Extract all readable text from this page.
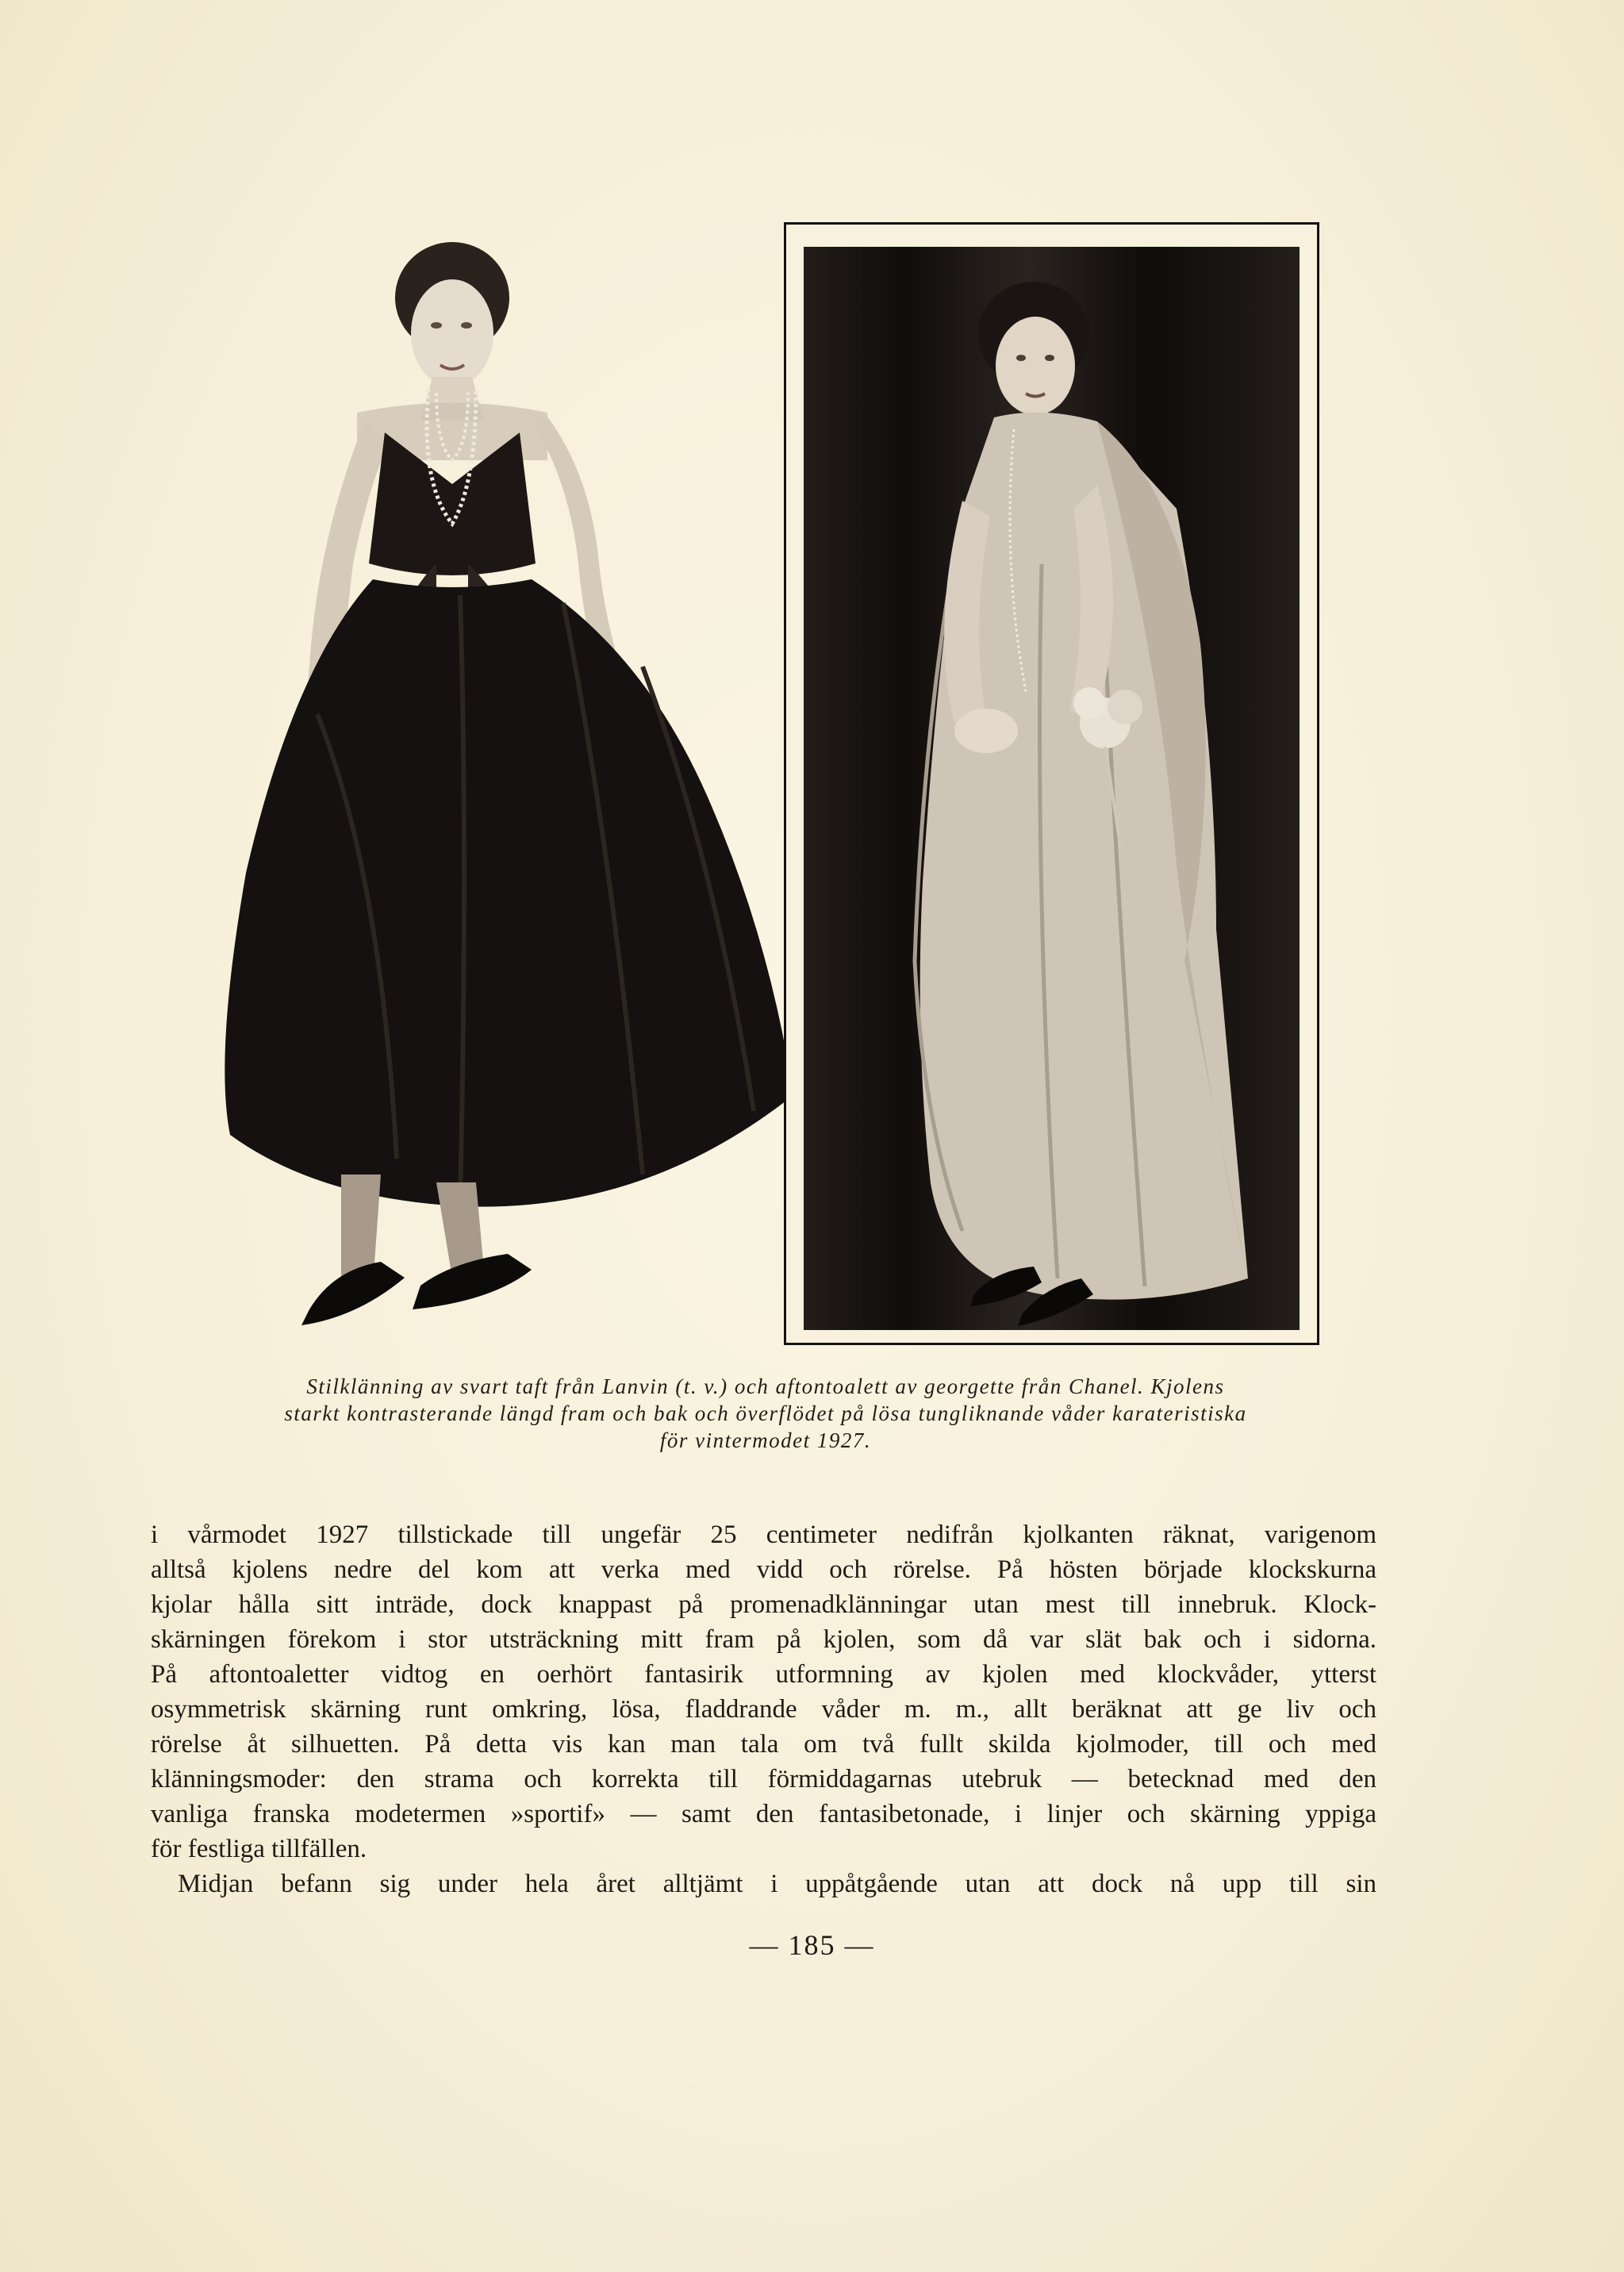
Stilklänning av svart taft från Lanvin (t. v.) och aftontoalett av georgette från Chanel. Kjolens

starkt kontrasterande längd fram och bak och överflödet på lösa tungliknande våder karateristiska

för vintermodet 1927.

i vårmodet 1927 tillstickade till ungefär 25 centimeter nedifrån kjolkanten räknat, varigenom
alltså kjolens nedre del kom att verka med vidd och rörelse. På hösten började klockskurna
kjolar hålla sitt inträde, dock knappast på promenadklänningar utan mest till innebruk. Klock-
skärningen förekom i stor utsträckning mitt fram på kjolen, som då var slät bak och i sidorna.
På aftontoaletter vidtog en oerhört fantasirik utformning av kjolen med klockvåder, ytterst
osymmetrisk skärning runt omkring, lösa, fladdrande våder m. m., allt beräknat att ge liv och
rörelse åt silhuetten. På detta vis kan man tala om två fullt skilda kjolmoder, till och med
klänningsmoder: den strama och korrekta till förmiddagarnas utebruk — betecknad med den
vanliga franska modetermen »sportif» — samt den fantasibetonade, i linjer och skärning yppiga
för festliga tillfällen.
Midjan befann sig under hela året alltjämt i uppåtgående utan att dock nå upp till sin
— 185 —
